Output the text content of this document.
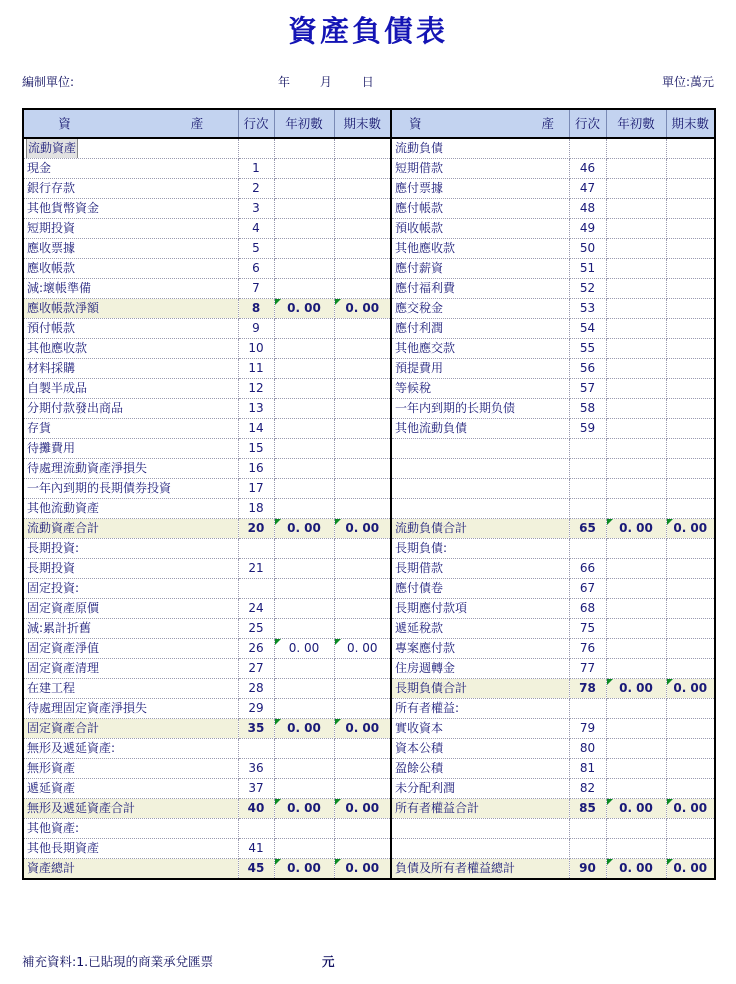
資產負債表
編制單位:	年 月 日	單位:萬元
資　　　　產	行次	年初數	期末數	資　　　　產	行次	年初數	期末數
流動資產				流動負債			
現金	1			短期借款	46		
銀行存款	2			應付票據	47		
其他貨幣資金	3			應付帳款	48		
短期投資	4			預收帳款	49		
應收票據	5			其他應收款	50		
應收帳款	6			應付薪資	51		
減:壞帳準備	7			應付福利費	52		
應收帳款淨額	8	0. 00	0. 00	應交稅金	53		
預付帳款	9			應付利潤	54		
其他應收款	10			其他應交款	55		
材料採購	11			預提費用	56		
自製半成品	12			等候稅	57		
分期付款發出商品	13			一年内到期的长期负债	58		
存貨	14			其他流動負債	59		
待攤費用	15						
待處理流動資產淨損失	16						
一年內到期的長期債券投資	17						
其他流動資產	18						
流動資產合計	20	0. 00	0. 00	流動負債合計	65	0. 00	0. 00
長期投資:				長期負債:			
長期投資	21			長期借款	66		
固定投資:				應付債卷	67		
固定資產原價	24			長期應付款項	68		
減:累計折舊	25			遞延稅款	75		
固定資產淨值	26	0. 00	0. 00	專案應付款	76		
固定資產清理	27			住房週轉金	77		
在建工程	28			長期負債合計	78	0. 00	0. 00
待處理固定資產淨損失	29			所有者權益:			
固定資產合計	35	0. 00	0. 00	實收資本	79		
無形及遞延資產:				資本公積	80		
無形資產	36			盈餘公積	81		
遞延資產	37			未分配利潤	82		
無形及遞延資產合計	40	0. 00	0. 00	所有者權益合計	85	0. 00	0. 00
其他資產:							
其他長期資產	41						
資產總計	45	0. 00	0. 00	負債及所有者權益總計	90	0. 00	0. 00
補充資料:1.已貼現的商業承兌匯票	元
